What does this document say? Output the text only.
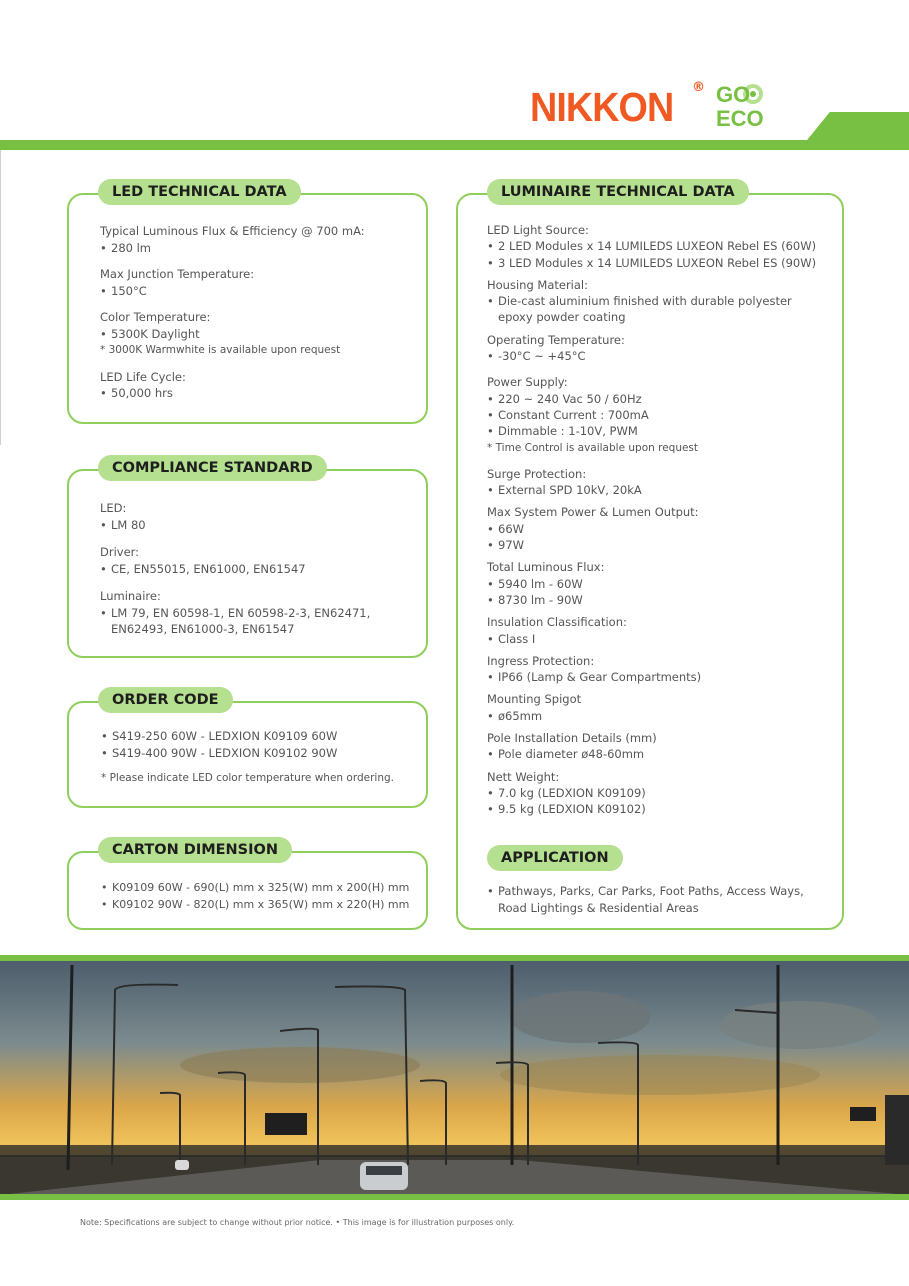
NIKKON ® GO
ECO
LED TECHNICAL DATA
Typical Luminous Flux & Efficiency @ 700 mA:
• 280 lm
Max Junction Temperature:
• 150°C
Color Temperature:
• 5300K Daylight
* 3000K Warmwhite is available upon request
LED Life Cycle:
• 50,000 hrs
COMPLIANCE STANDARD
LED:
• LM 80
Driver:
• CE, EN55015, EN61000, EN61547
Luminaire:
• LM 79, EN 60598-1, EN 60598-2-3, EN62471,
EN62493, EN61000-3, EN61547
ORDER CODE
• S419-250 60W - LEDXION K09109 60W
• S419-400 90W - LEDXION K09102 90W
* Please indicate LED color temperature when ordering.
CARTON DIMENSION
• K09109 60W - 690(L) mm x 325(W) mm x 200(H) mm
• K09102 90W - 820(L) mm x 365(W) mm x 220(H) mm
LUMINAIRE TECHNICAL DATA
LED Light Source:
• 2 LED Modules x 14 LUMILEDS LUXEON Rebel ES (60W)
• 3 LED Modules x 14 LUMILEDS LUXEON Rebel ES (90W)
Housing Material:
• Die-cast aluminium finished with durable polyester
epoxy powder coating
Operating Temperature:
• -30°C ~ +45°C
Power Supply:
• 220 ~ 240 Vac 50 / 60Hz
• Constant Current : 700mA
• Dimmable : 1-10V, PWM
* Time Control is available upon request
Surge Protection:
• External SPD 10kV, 20kA
Max System Power & Lumen Output:
• 66W
• 97W
Total Luminous Flux:
• 5940 lm - 60W
• 8730 lm - 90W
Insulation Classification:
• Class I
Ingress Protection:
• IP66 (Lamp & Gear Compartments)
Mounting Spigot
• ø65mm
Pole Installation Details (mm)
• Pole diameter ø48-60mm
Nett Weight:
• 7.0 kg (LEDXION K09109)
• 9.5 kg (LEDXION K09102)
APPLICATION
• Pathways, Parks, Car Parks, Foot Paths, Access Ways,
Road Lightings & Residential Areas
Note: Specifications are subject to change without prior notice. • This image is for illustration purposes only.
